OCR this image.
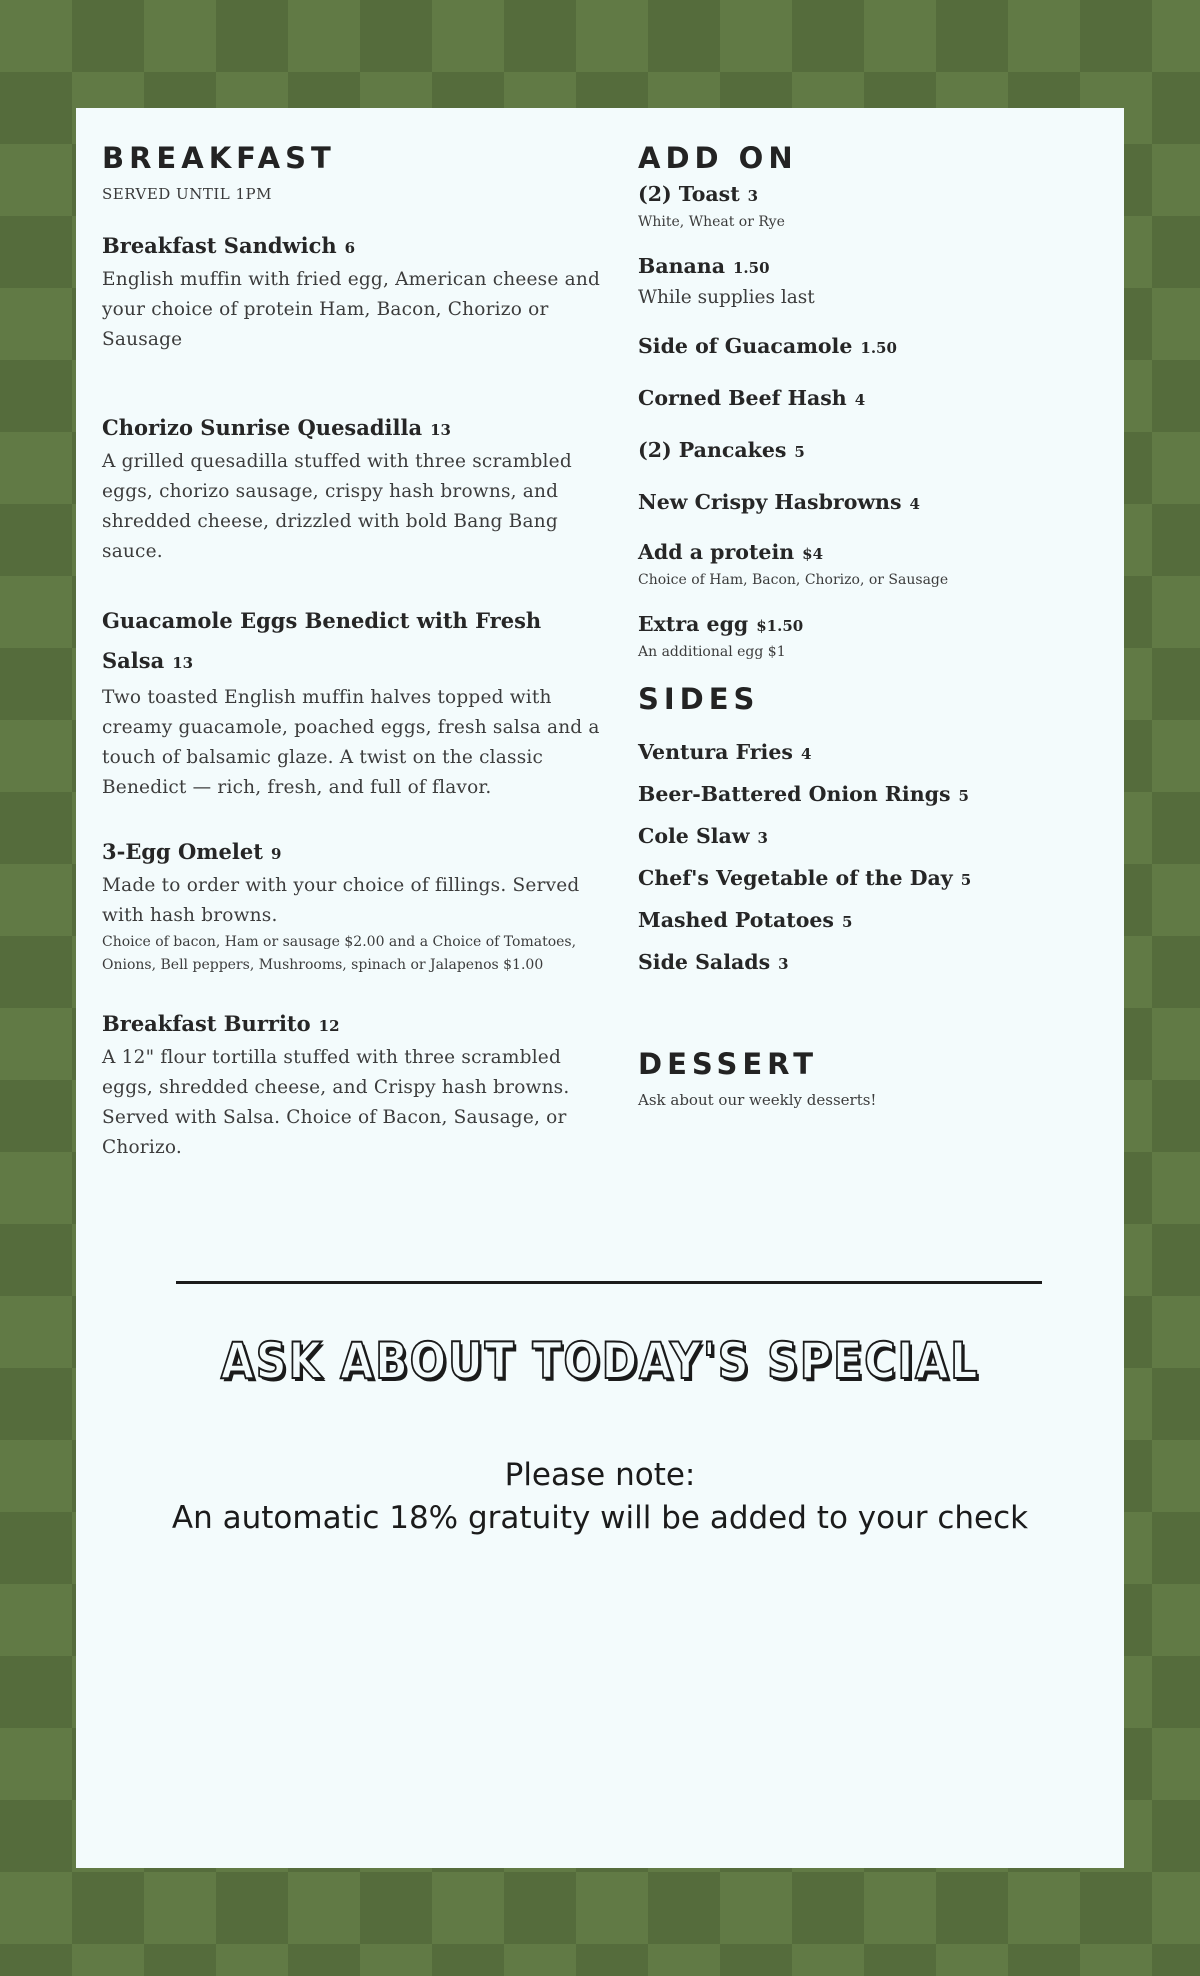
BREAKFAST
SERVED UNTIL 1PM
Breakfast Sandwich 6
English muffin with fried egg, American cheese and your choice of protein Ham, Bacon, Chorizo or Sausage
Chorizo Sunrise Quesadilla 13
A grilled quesadilla stuffed with three scrambled eggs, chorizo sausage, crispy hash browns, and shredded cheese, drizzled with bold Bang Bang sauce.
Guacamole Eggs Benedict with Fresh Salsa 13
Two toasted English muffin halves topped with creamy guacamole, poached eggs, fresh salsa and a touch of balsamic glaze. A twist on the classic Benedict — rich, fresh, and full of flavor.
3-Egg Omelet 9
Made to order with your choice of fillings. Served with hash browns.
Choice of bacon, Ham or sausage $2.00 and a Choice of Tomatoes, Onions, Bell peppers, Mushrooms, spinach or Jalapenos $1.00
Breakfast Burrito 12
A 12" flour tortilla stuffed with three scrambled eggs, shredded cheese, and Crispy hash browns. Served with Salsa. Choice of Bacon, Sausage, or Chorizo.
ADD ON
(2) Toast 3
White, Wheat or Rye
Banana 1.50
While supplies last
Side of Guacamole 1.50
Corned Beef Hash 4
(2) Pancakes 5
New Crispy Hasbrowns 4
Add a protein $4
Choice of Ham, Bacon, Chorizo, or Sausage
Extra egg $1.50
An additional egg $1
SIDES
Ventura Fries 4
Beer-Battered Onion Rings 5
Cole Slaw 3
Chef's Vegetable of the Day 5
Mashed Potatoes 5
Side Salads 3
DESSERT
Ask about our weekly desserts!
ASK ABOUT TODAY'S SPECIAL
Please note:
An automatic 18% gratuity will be added to your check
